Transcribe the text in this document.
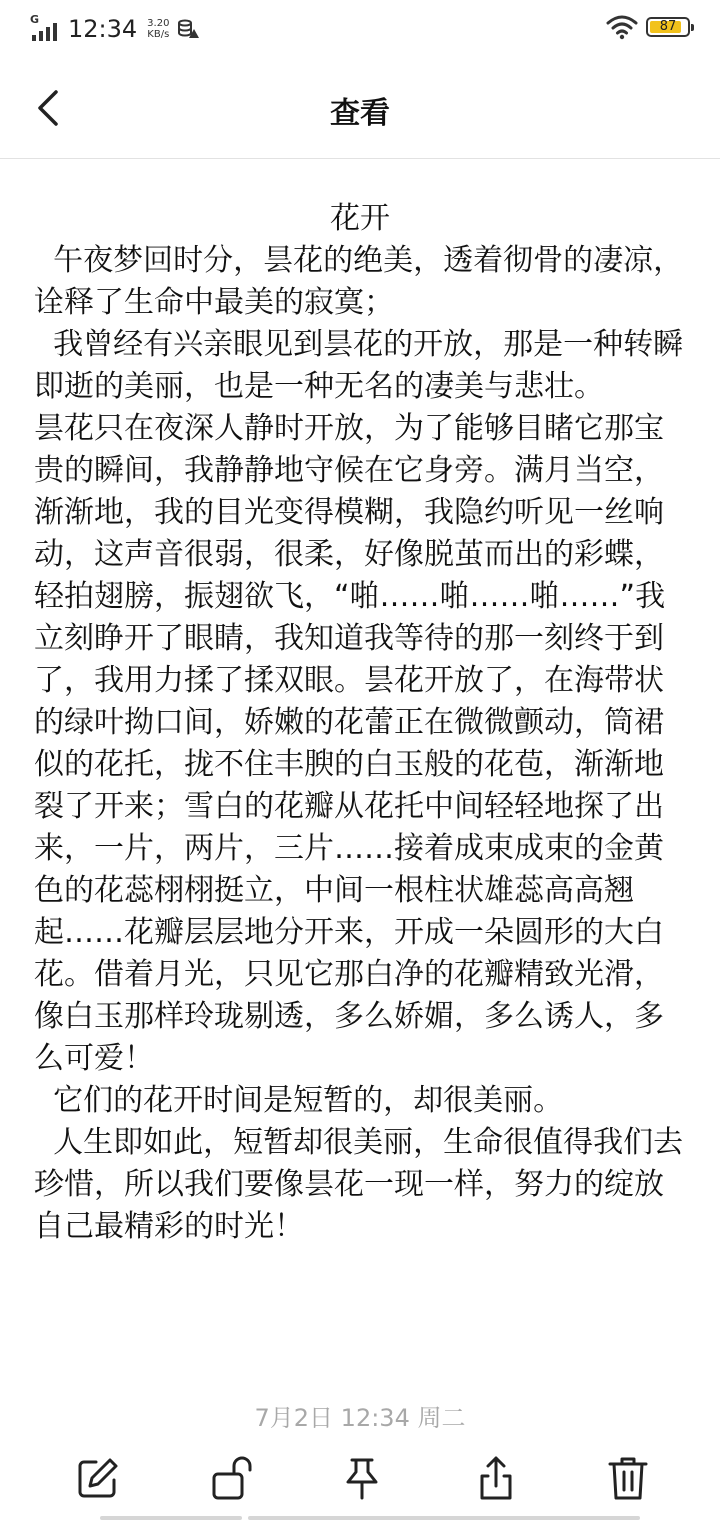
G 12:34 3.20
KB/s
87
查看
花开

午夜梦回时分，昙花的绝美，透着彻骨的凄凉，诠释了生命中最美的寂寞；

我曾经有兴亲眼见到昙花的开放，那是一种转瞬即逝的美丽，也是一种无名的凄美与悲壮。

昙花只在夜深人静时开放，为了能够目睹它那宝贵的瞬间，我静静地守候在它身旁。满月当空，渐渐地，我的目光变得模糊，我隐约听见一丝响动，这声音很弱，很柔，好像脱茧而出的彩蝶，轻拍翅膀，振翅欲飞，“啪……啪……啪……”我立刻睁开了眼睛，我知道我等待的那一刻终于到了，我用力揉了揉双眼。昙花开放了，在海带状的绿叶拗口间，娇嫩的花蕾正在微微颤动，筒裙似的花托，拢不住丰腴的白玉般的花苞，渐渐地裂了开来；雪白的花瓣从花托中间轻轻地探了出来，一片，两片，三片……接着成束成束的金黄色的花蕊栩栩挺立，中间一根柱状雄蕊高高翘起……花瓣层层地分开来，开成一朵圆形的大白花。借着月光，只见它那白净的花瓣精致光滑，像白玉那样玲珑剔透，多么娇媚，多么诱人，多么可爱！

它们的花开时间是短暂的，却很美丽。

人生即如此，短暂却很美丽，生命很值得我们去珍惜，所以我们要像昙花一现一样，努力的绽放自己最精彩的时光！

7月2日 12:34 周二
